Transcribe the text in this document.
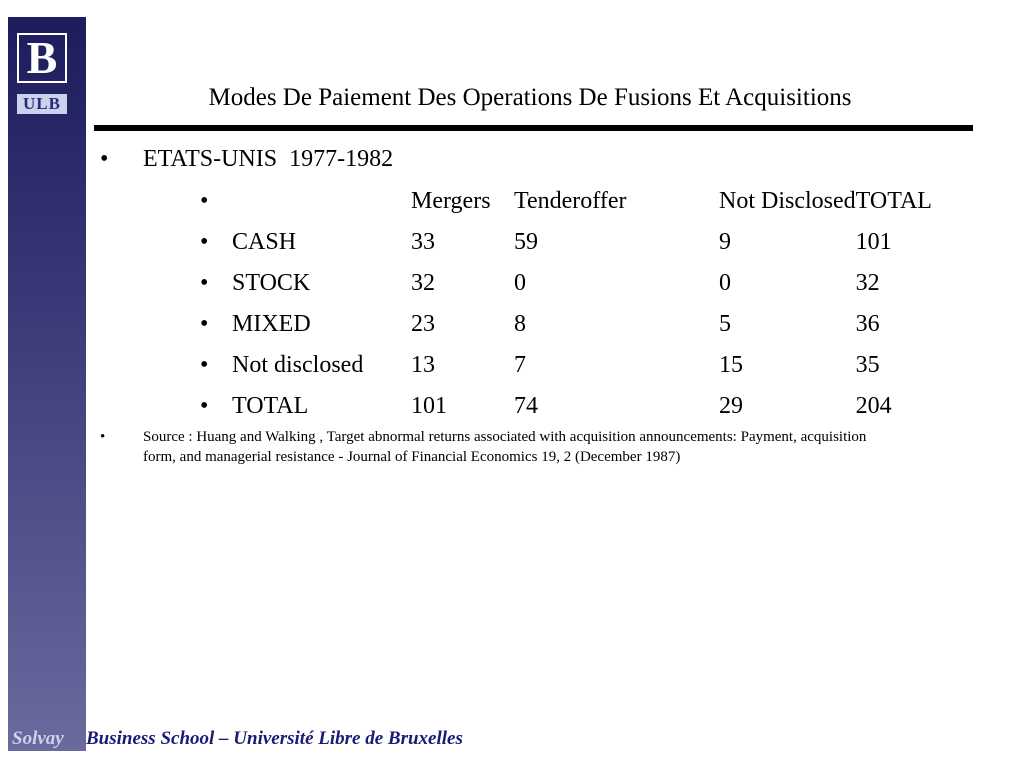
B
ULB	Modes De Paiement Des Operations De Fusions Et Acquisitions
•	ETATS-UNIS  1977-1982
•		Mergers	Tenderoffer	Not Disclosed	TOTAL
•	CASH	33	59	9	101
•	STOCK	32	0	0	32
•	MIXED	23	8	5	36
•	Not disclosed	13	7	15	35
•	TOTAL	101	74	29	204
•	Source : Huang and Walking , Target abnormal returns associated with acquisition announcements: Payment, acquisition form, and managerial resistance - Journal of Financial Economics 19, 2 (December 1987)
Solvay Business School – Université Libre de Bruxelles
